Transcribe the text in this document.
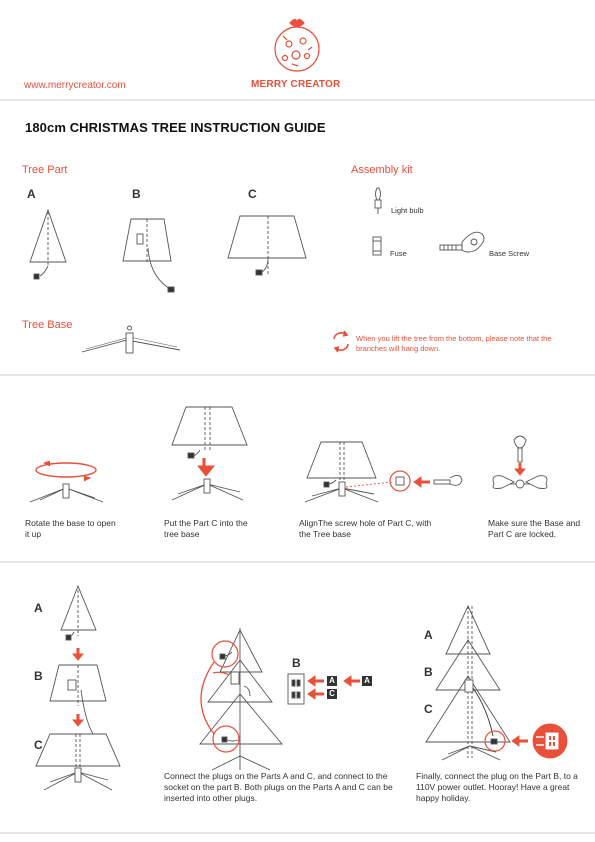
www.merrycreator.com	MERRY CREATOR
180cm CHRISTMAS TREE INSTRUCTION GUIDE
Tree Part
A	B	C
Assembly kit
Light bulb
Fuse	Base Screw
Tree Base
When you lift the tree from the bottom, please note that the branches will hang down.
Rotate the base to open it up
Put the Part C into the tree base
AlignThe screw hole of Part C, with the Tree base
Make sure the Base and Part C are locked.
A
B
C
B
A	A
C
A
B
C
Connect the plugs on the Parts A and C, and connect to the socket on the part B. Both plugs on the Parts A and C can be inserted into other plugs.
Finally, connect the plug on the Part B, to a 110V power outlet. Hooray! Have a great happy holiday.
